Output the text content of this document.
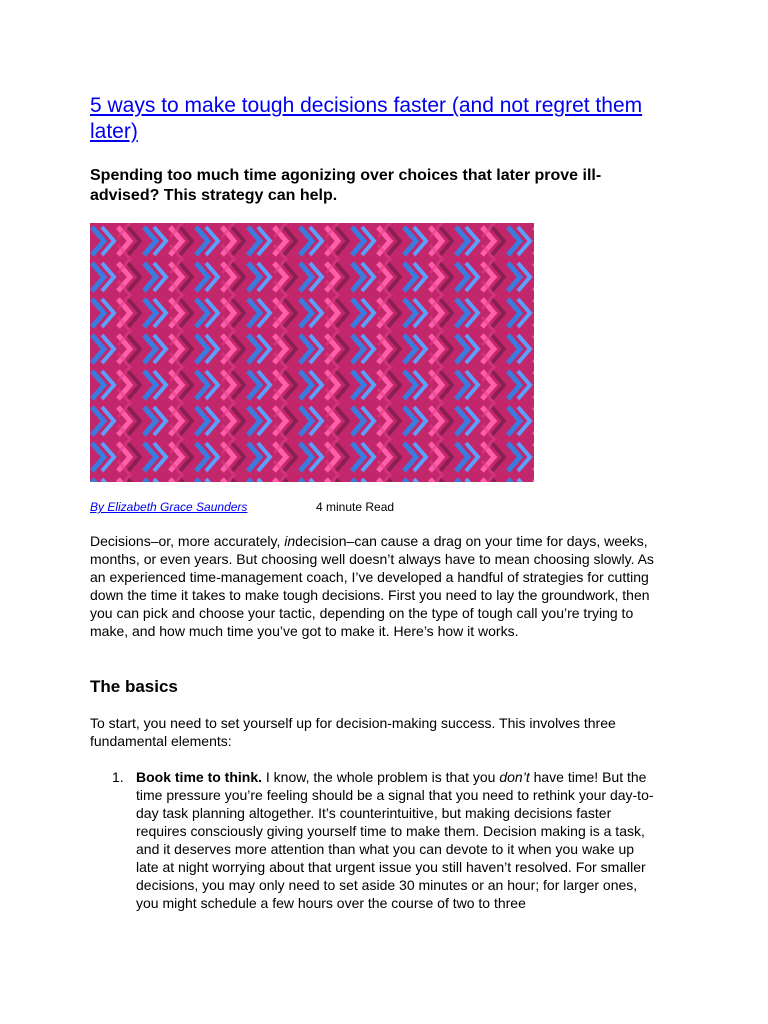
5 ways to make tough decisions faster (and not regret them later)

Spending too much time agonizing over choices that later prove ill-advised? This strategy can help.

By Elizabeth Grace Saunders	4 minute Read

Decisions–or, more accurately, indecision–can cause a drag on your time for days, weeks, months, or even years. But choosing well doesn’t always have to mean choosing slowly. As an experienced time-management coach, I’ve developed a handful of strategies for cutting down the time it takes to make tough decisions. First you need to lay the groundwork, then you can pick and choose your tactic, depending on the type of tough call you’re trying to make, and how much time you’ve got to make it. Here’s how it works.

The basics

To start, you need to set yourself up for decision-making success. This involves three fundamental elements:

1. Book time to think. I know, the whole problem is that you don’t have time! But the time pressure you’re feeling should be a signal that you need to rethink your day-to-day task planning altogether. It’s counterintuitive, but making decisions faster requires consciously giving yourself time to make them. Decision making is a task, and it deserves more attention than what you can devote to it when you wake up late at night worrying about that urgent issue you still haven’t resolved. For smaller decisions, you may only need to set aside 30 minutes or an hour; for larger ones, you might schedule a few hours over the course of two to three
